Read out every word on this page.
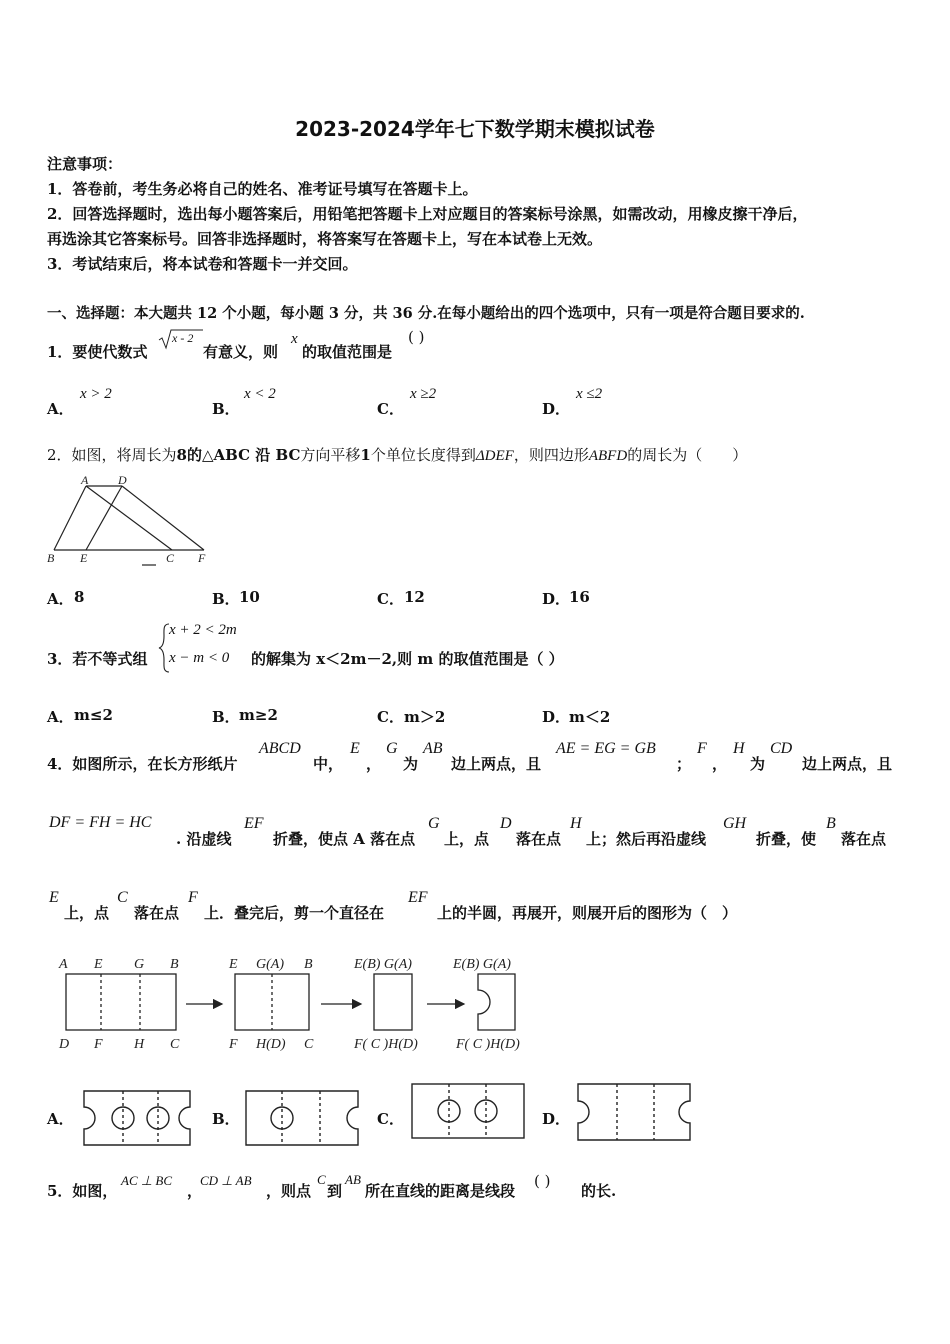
2023-2024学年七下数学期末模拟试卷
注意事项：
1．答卷前，考生务必将自己的姓名、准考证号填写在答题卡上。
2．回答选择题时，选出每小题答案后，用铅笔把答题卡上对应题目的答案标号涂黑，如需改动，用橡皮擦干净后，
再选涂其它答案标号。回答非选择题时，将答案写在答题卡上，写在本试卷上无效。
3．考试结束后，将本试卷和答题卡一并交回。
一、选择题：本大题共 12 个小题，每小题 3 分，共 36 分.在每小题给出的四个选项中，只有一项是符合题目要求的.
1．要使代数式
x - 2
有意义，则
x
的取值范围是
( )
A．
x > 2
B．
x < 2
C．
x ≥2
D．
x ≤2
2．如图，将周长为8的△ABC 沿 BC方向平移1个单位长度得到ΔDEF，则四边形ABFD的周长为（　　）
A D
B E	C F
A． 8	B． 10	C． 12	D．
16
3．若不等式组
x + 2 < 2m
x − m < 0 的解集为 x＜2m－2,则 m 的取值范围是（ ）
A． m≤2	B． m≥2	C． m＞2	D．
m＜2
4．如图所示，在长方形纸片
ABCD
中，
E
，
G
为
AB
边上两点，且
AE = EG = GB
；
F
，
H
为
CD
边上两点，且
DF = FH = HC
. 沿虚线
EF
折叠，使点 A 落在点
G
上，点
D
落在点
H
上；然后再沿虚线
GH
折叠，使
B
落在点
E
上，点
C
落在点
F
上．叠完后，剪一个直径在
EF
上的半圆，再展开，则展开后的图形为（　）
A E G B
D F H C
E G(A) B
F H(D) C
E(B) G(A)
F( C )H(D)
E(B) G(A)
F( C )H(D)
A．	B．	C．	D．
5．如图，
AC ⊥ BC
，
CD ⊥ AB
，则点
C
到
AB
所在直线的距离是线段
( )
的长.
